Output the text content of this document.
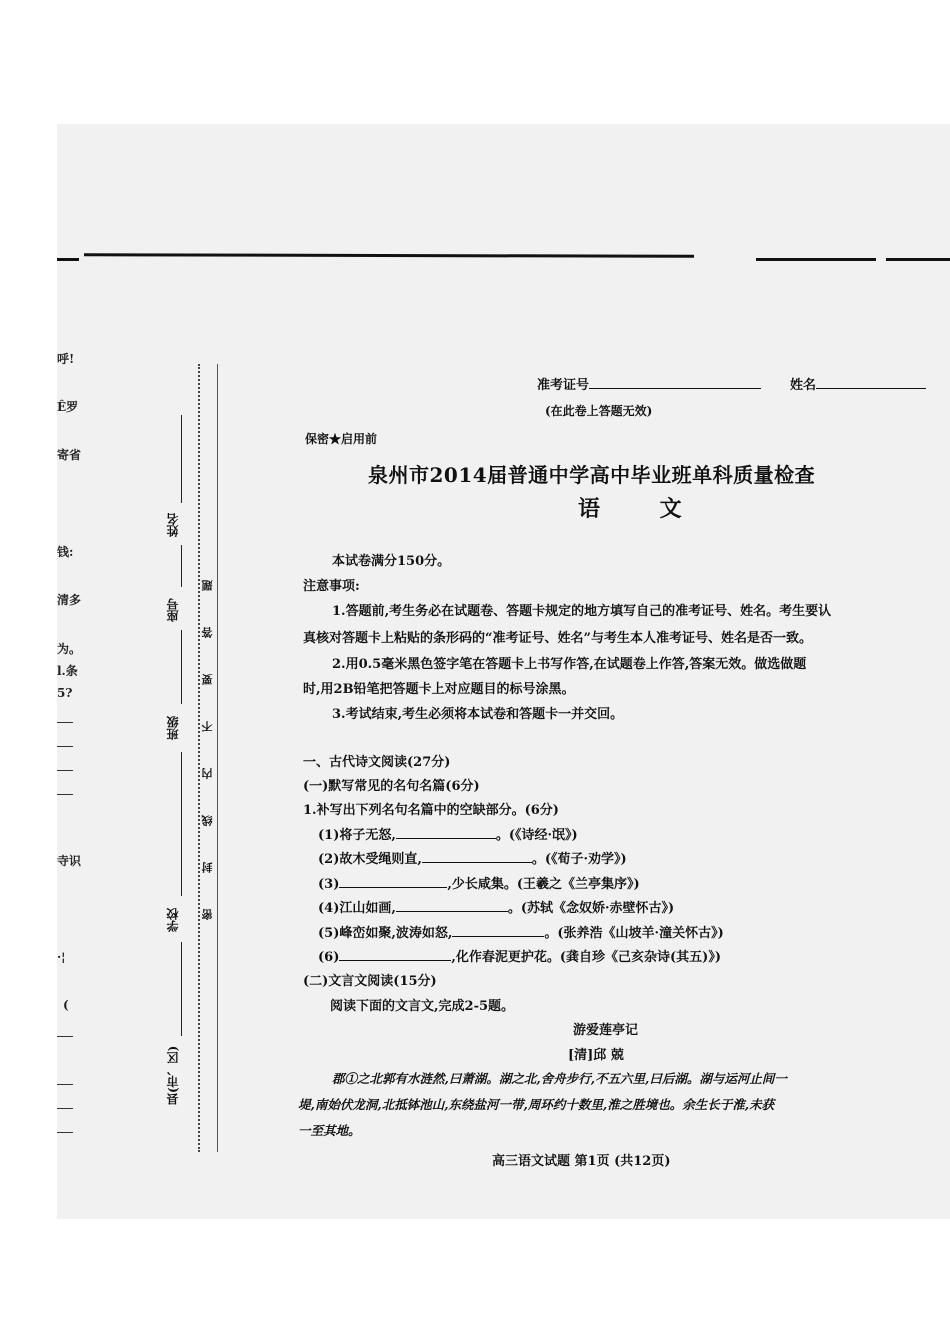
呼!
Ê罗
寄省
钱:
清多
为。
l.条
5?
寺识
·¦
(
姓名
座号
班级
学校
县(市、区)
题
答
要
不
内
线
封
密
准考证号	姓名
(在此卷上答题无效)
保密★启用前
泉州市2014届普通中学高中毕业班单科质量检查
语 文
本试卷满分150分。
注意事项:
1.答题前,考生务必在试题卷、答题卡规定的地方填写自己的准考证号、姓名。考生要认
真核对答题卡上粘贴的条形码的“准考证号、姓名”与考生本人准考证号、姓名是否一致。
2.用0.5毫米黑色签字笔在答题卡上书写作答,在试题卷上作答,答案无效。做选做题
时,用2B铅笔把答题卡上对应题目的标号涂黑。
3.考试结束,考生必须将本试卷和答题卡一并交回。
一、古代诗文阅读(27分)
(一)默写常见的名句名篇(6分)
1.补写出下列名句名篇中的空缺部分。(6分)
(1)将子无怒,	。(《诗经·氓》)
(2)故木受绳则直,	。(《荀子·劝学》)
(3)	,少长咸集。(王羲之《兰亭集序》)
(4)江山如画,	。(苏轼《念奴娇·赤壁怀古》)
(5)峰峦如聚,波涛如怒,	。(张养浩《山坡羊·潼关怀古》)
(6)	,化作春泥更护花。(龚自珍《己亥杂诗(其五)》)
(二)文言文阅读(15分)
阅读下面的文言文,完成2-5题。
游爱莲亭记
[清]邱 兢
郡①之北郭有水涟然,曰萧湖。湖之北,舍舟步行,不五六里,曰后湖。湖与运河止间一
堤,南始伏龙洞,北抵钵池山,东绕盐河一带,周环约十数里,淮之胜境也。余生长于淮,未获
一至其地。
高三语文试题 第1页 (共12页)
